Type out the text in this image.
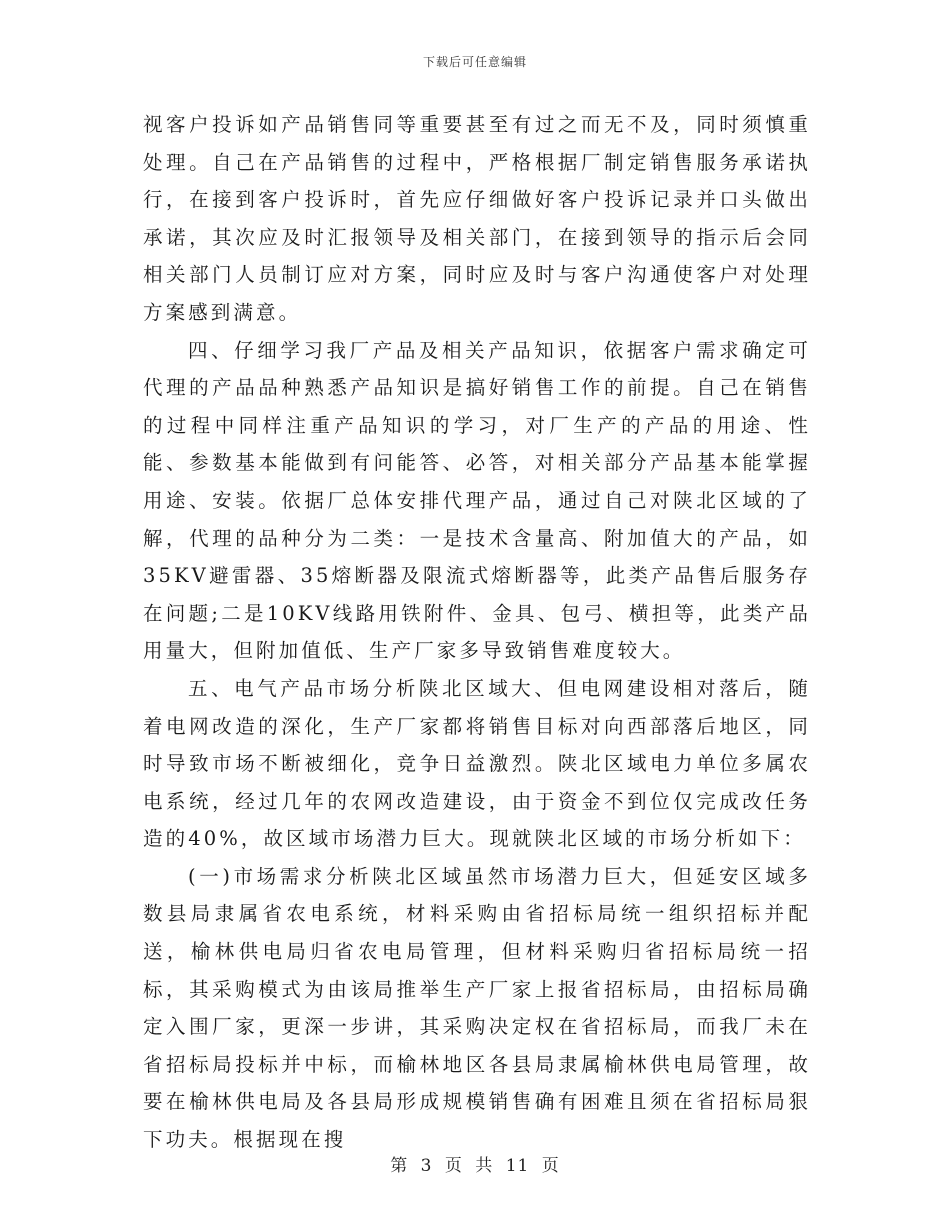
下载后可任意编辑

视客户投诉如产品销售同等重要甚至有过之而无不及，同时须慎重处理。自己在产品销售的过程中，严格根据厂制定销售服务承诺执行，在接到客户投诉时，首先应仔细做好客户投诉记录并口头做出承诺，其次应及时汇报领导及相关部门，在接到领导的指示后会同相关部门人员制订应对方案，同时应及时与客户沟通使客户对处理方案感到满意。

四、仔细学习我厂产品及相关产品知识，依据客户需求确定可代理的产品品种熟悉产品知识是搞好销售工作的前提。自己在销售的过程中同样注重产品知识的学习，对厂生产的产品的用途、性能、参数基本能做到有问能答、必答，对相关部分产品基本能掌握用途、安装。依据厂总体安排代理产品，通过自己对陕北区域的了解，代理的品种分为二类：一是技术含量高、附加值大的产品，如35KV避雷器、35熔断器及限流式熔断器等，此类产品售后服务存在问题;二是10KV线路用铁附件、金具、包弓、横担等，此类产品用量大，但附加值低、生产厂家多导致销售难度较大。

五、电气产品市场分析陕北区域大、但电网建设相对落后，随着电网改造的深化，生产厂家都将销售目标对向西部落后地区，同时导致市场不断被细化，竞争日益激烈。陕北区域电力单位多属农电系统，经过几年的农网改造建设，由于资金不到位仅完成改任务造的40%，故区域市场潜力巨大。现就陕北区域的市场分析如下：

(一)市场需求分析陕北区域虽然市场潜力巨大，但延安区域多数县局隶属省农电系统，材料采购由省招标局统一组织招标并配送，榆林供电局归省农电局管理，但材料采购归省招标局统一招标，其采购模式为由该局推举生产厂家上报省招标局，由招标局确定入围厂家，更深一步讲，其采购决定权在省招标局，而我厂未在省招标局投标并中标，而榆林地区各县局隶属榆林供电局管理，故要在榆林供电局及各县局形成规模销售确有困难且须在省招标局狠下功夫。根据现在搜

第 3 页 共 11 页
